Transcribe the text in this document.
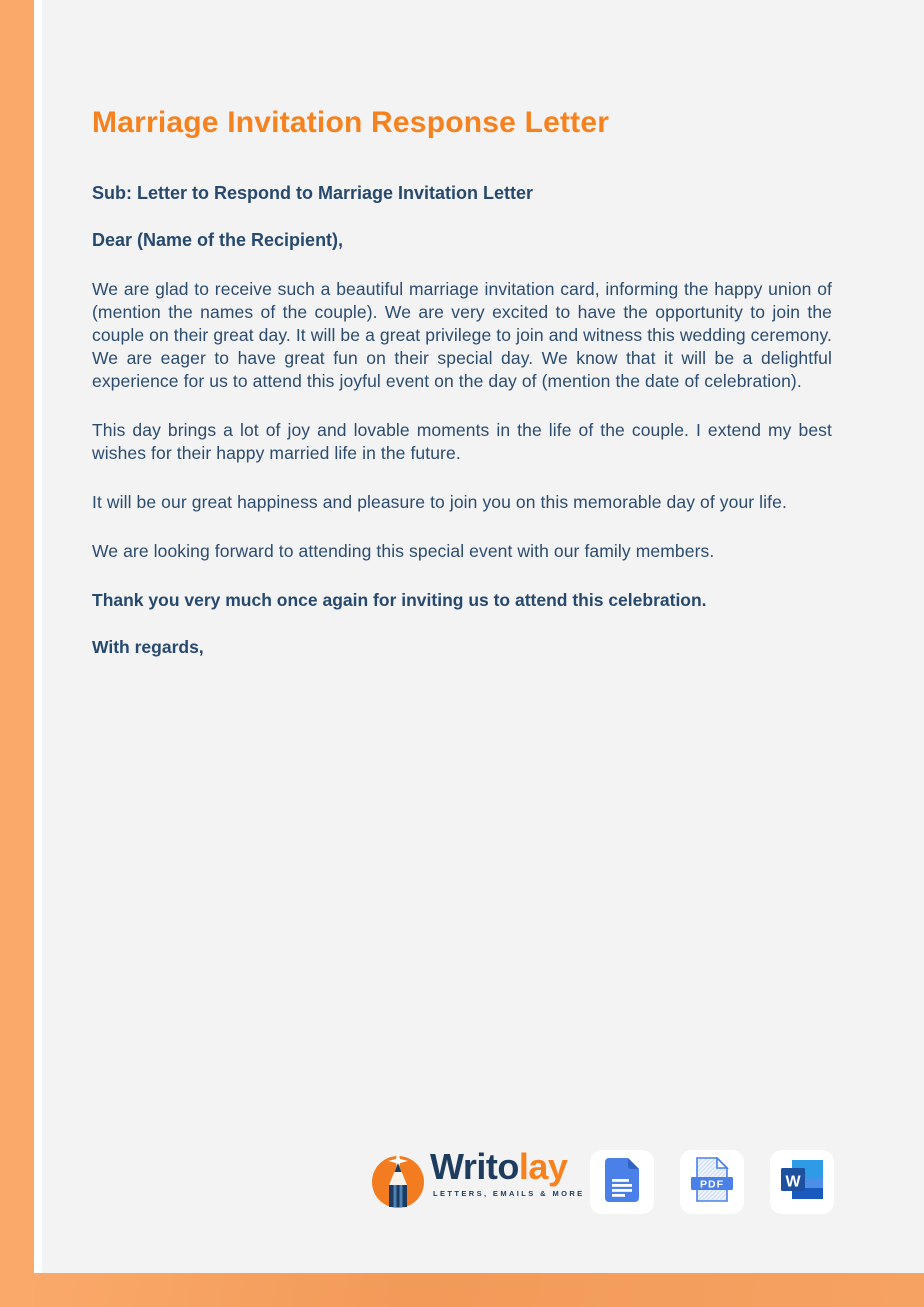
Marriage Invitation Response Letter

Sub: Letter to Respond to Marriage Invitation Letter

Dear (Name of the Recipient),

We are glad to receive such a beautiful marriage invitation card, informing the happy union of (mention the names of the couple). We are very excited to have the opportunity to join the couple on their great day. It will be a great privilege to join and witness this wedding ceremony. We are eager to have great fun on their special day. We know that it will be a delightful experience for us to attend this joyful event on the day of (mention the date of celebration).

This day brings a lot of joy and lovable moments in the life of the couple. I extend my best wishes for their happy married life in the future.

It will be our great happiness and pleasure to join you on this memorable day of your life.

We are looking forward to attending this special event with our family members.

Thank you very much once again for inviting us to attend this celebration.

With regards,

Writolay
LETTERS, EMAILS & MORE
PDF	W
